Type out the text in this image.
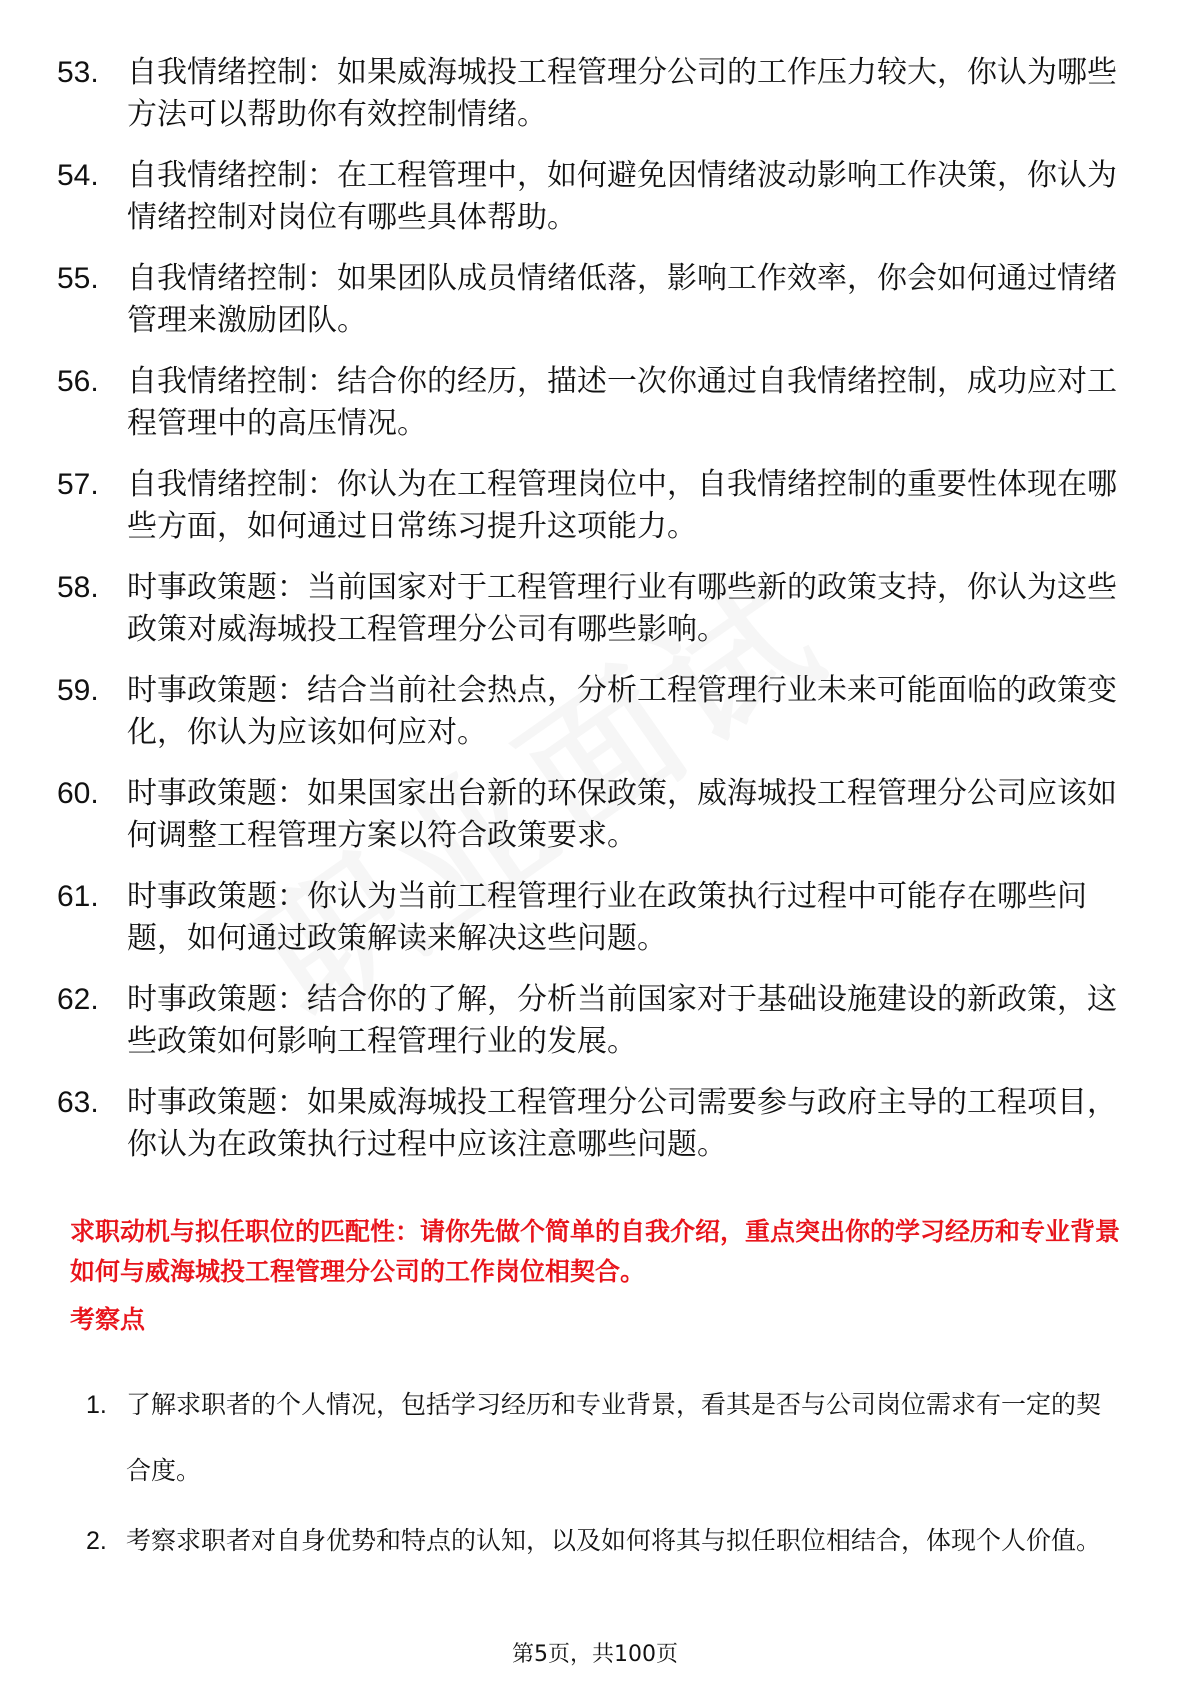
53. 自我情绪控制：如果威海城投工程管理分公司的工作压力较大，你认为哪些方法可以帮助你有效控制情绪。
54. 自我情绪控制：在工程管理中，如何避免因情绪波动影响工作决策，你认为情绪控制对岗位有哪些具体帮助。
55. 自我情绪控制：如果团队成员情绪低落，影响工作效率，你会如何通过情绪管理来激励团队。
56. 自我情绪控制：结合你的经历，描述一次你通过自我情绪控制，成功应对工程管理中的高压情况。
57. 自我情绪控制：你认为在工程管理岗位中，自我情绪控制的重要性体现在哪些方面，如何通过日常练习提升这项能力。
58. 时事政策题：当前国家对于工程管理行业有哪些新的政策支持，你认为这些政策对威海城投工程管理分公司有哪些影响。
59. 时事政策题：结合当前社会热点，分析工程管理行业未来可能面临的政策变化，你认为应该如何应对。
60. 时事政策题：如果国家出台新的环保政策，威海城投工程管理分公司应该如何调整工程管理方案以符合政策要求。
61. 时事政策题：你认为当前工程管理行业在政策执行过程中可能存在哪些问题，如何通过政策解读来解决这些问题。
62. 时事政策题：结合你的了解，分析当前国家对于基础设施建设的新政策，这些政策如何影响工程管理行业的发展。
63. 时事政策题：如果威海城投工程管理分公司需要参与政府主导的工程项目，你认为在政策执行过程中应该注意哪些问题。
求职动机与拟任职位的匹配性：请你先做个简单的自我介绍，重点突出你的学习经历和专业背景如何与威海城投工程管理分公司的工作岗位相契合。
考察点
1. 了解求职者的个人情况，包括学习经历和专业背景，看其是否与公司岗位需求有一定的契合度。
2. 考察求职者对自身优势和特点的认知，以及如何将其与拟任职位相结合，体现个人价值。
第5页，共100页
